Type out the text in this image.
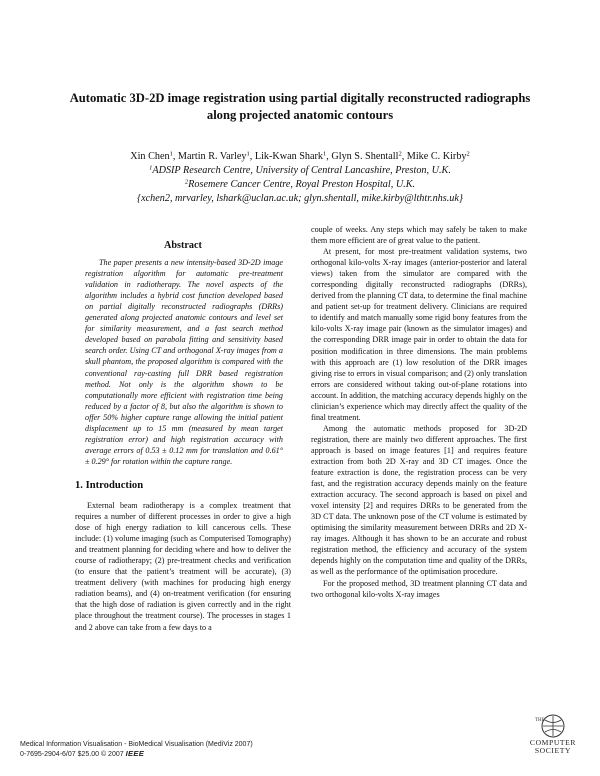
Automatic 3D-2D image registration using partial digitally reconstructed radiographs
along projected anatomic contours
Xin Chen$^1$, Martin R. Varley$^1$, Lik-Kwan Shark$^1$, Glyn S. Shentall$^2$, Mike C. Kirby$^2$
$^1$ADSIP Research Centre, University of Central Lancashire, Preston, U.K.
$^2$Rosemere Cancer Centre, Royal Preston Hospital, U.K.
{xchen2, mrvarley, lshark@uclan.ac.uk; glyn.shentall, mike.kirby@lthtr.nhs.uk}
Abstract
The paper presents a new intensity-based 3D-2D image registration algorithm for automatic pre-treatment validation in radiotherapy. The novel aspects of the algorithm includes a hybrid cost function developed based on partial digitally reconstructed radiographs (DRRs) generated along projected anatomic contours and level set for similarity measurement, and a fast search method developed based on parabola fitting and sensitivity based search order. Using CT and orthogonal X-ray images from a skull phantom, the proposed algorithm is compared with the conventional ray-casting full DRR based registration method. Not only is the algorithm shown to be computationally more efficient with registration time being reduced by a factor of 8, but also the algorithm is shown to offer 50% higher capture range allowing the initial patient displacement up to 15 mm (measured by mean target registration error) and high registration accuracy with average errors of 0.53 ± 0.12 mm for translation and 0.61° ± 0.29° for rotation within the capture range.
1. Introduction

External beam radiotherapy is a complex treatment that requires a number of different processes in order to give a high dose of high energy radiation to kill cancerous cells. These include: (1) volume imaging (such as Computerised Tomography) and treatment planning for deciding where and how to deliver the course of radiotherapy; (2) pre-treatment checks and verification (to ensure that the patient’s treatment will be accurate), (3) treatment delivery (with machines for producing high energy radiation beams), and (4) on-treatment verification (for ensuring that the high dose of radiation is given correctly and in the right place throughout the treatment course). The processes in stages 1 and 2 above can take from a few days to a

couple of weeks. Any steps which may safely be taken to make them more efficient are of great value to the patient.

At present, for most pre-treatment validation systems, two orthogonal kilo-volts X-ray images (anterior-posterior and lateral views) taken from the simulator are compared with the corresponding digitally reconstructed radiographs (DRRs), derived from the planning CT data, to determine the final machine and patient set-up for treatment delivery. Clinicians are required to identify and match manually some rigid bony features from the kilo-volts X-ray image pair (known as the simulator images) and the corresponding DRR image pair in order to obtain the data for position modification in three dimensions. The main problems with this approach are (1) low resolution of the DRR images giving rise to errors in visual comparison; and (2) only translation errors are considered without taking out-of-plane rotations into account. In addition, the matching accuracy depends highly on the clinician’s experience which may directly affect the quality of the final treatment.

Among the automatic methods proposed for 3D-2D registration, there are mainly two different approaches. The first approach is based on image features [1] and requires feature extraction from both 2D X-ray and 3D CT images. Once the feature extraction is done, the registration process can be very fast, and the registration accuracy depends mainly on the feature extraction accuracy. The second approach is based on pixel and voxel intensity [2] and requires DRRs to be generated from the 3D CT data. The unknown pose of the CT volume is estimated by optimising the similarity measurement between DRRs and 2D X-ray images. Although it has shown to be an accurate and robust registration method, the efficiency and accuracy of the system depends highly on the computation time and quality of the DRRs, as well as the performance of the optimisation procedure.

For the proposed method, 3D treatment planning CT data and two orthogonal kilo-volts X-ray images

Medical Information Visualisation - BioMedical Visualisation (MediViz 2007)
0-7695-2904-6/07 $25.00 © 2007 IEEE
THE
COMPUTER
SOCIETY
